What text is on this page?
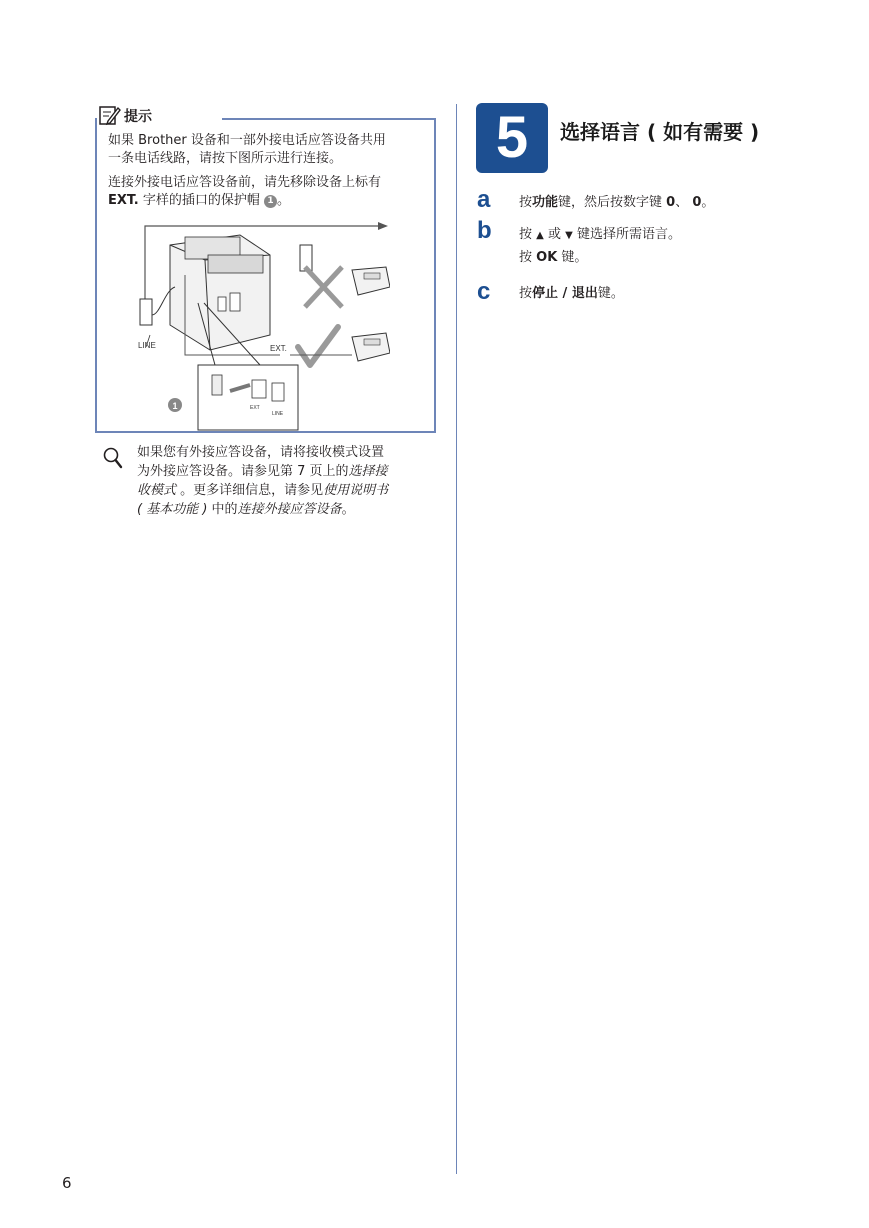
提示
如果 Brother 设备和一部外接电话应答设备共用
一条电话线路，请按下图所示进行连接。
连接外接电话应答设备前，请先移除设备上标有
EXT. 字样的插口的保护帽 1 。
LINE	EXT.
EXT
LINE
1
如果您有外接应答设备，请将接收模式设置
为外接应答设备。请参见第 7 页上的选择接
收模式 。更多详细信息，请参见使用说明书
( 基本功能 ) 中的连接外接应答设备。
5	选择语言 ( 如有需要 )
a 按功能键，然后按数字键 0、 0。
b 按 ▲ 或 ▼ 键选择所需语言。
按 OK 键。
c 按停止 / 退出键。
6
